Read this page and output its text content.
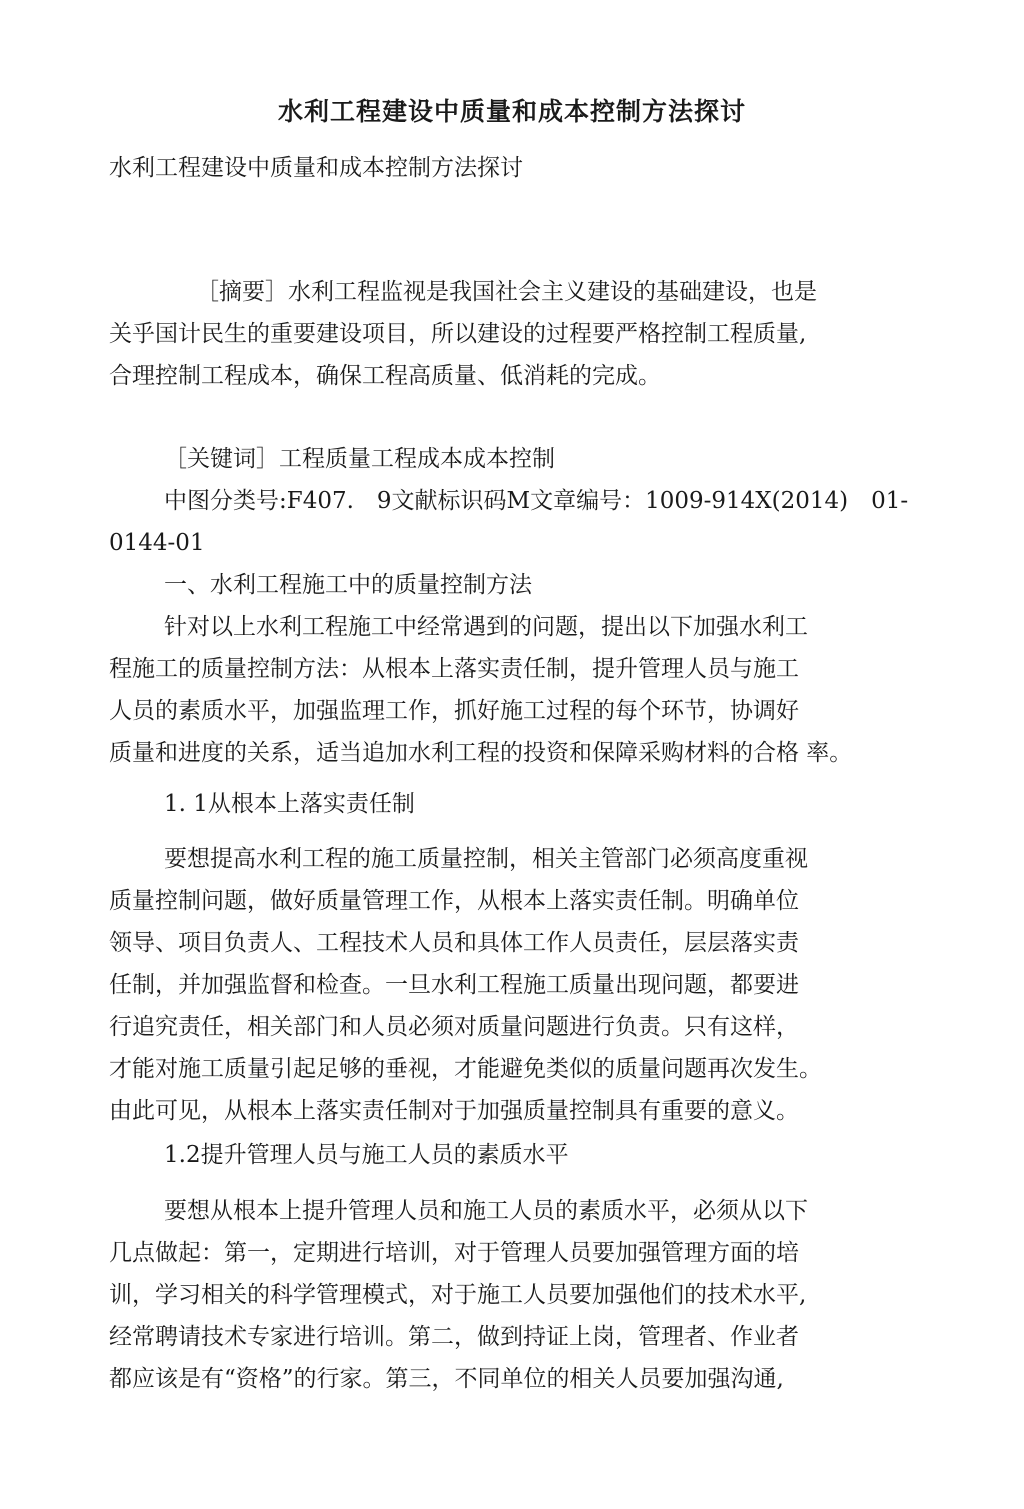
水利工程建设中质量和成本控制方法探讨
水利工程建设中质量和成本控制方法探讨
［摘要］水利工程监视是我国社会主义建设的基础建设，也是
关乎国计民生的重要建设项目，所以建设的过程要严格控制工程质量,
合理控制工程成本，确保工程高质量、低消耗的完成。
［关键词］工程质量工程成本成本控制
中图分类号:F407.　9文献标识码M文章编号：1009-914X(2014)　01-
0144-01
一、水利工程施工中的质量控制方法
针对以上水利工程施工中经常遇到的问题，提出以下加强水利工
程施工的质量控制方法：从根本上落实责任制，提升管理人员与施工
人员的素质水平，加强监理工作，抓好施工过程的每个环节，协调好
质量和进度的关系，适当追加水利工程的投资和保障采购材料的合格 率。
1. 1从根本上落实责任制
要想提高水利工程的施工质量控制，相关主管部门必须高度重视
质量控制问题，做好质量管理工作，从根本上落实责任制。明确单位
领导、项目负责人、工程技术人员和具体工作人员责任，层层落实责
任制，并加强监督和检查。一旦水利工程施工质量出现问题，都要进
行追究责任，相关部门和人员必须对质量问题进行负责。只有这样，
才能对施工质量引起足够的垂视，才能避免类似的质量问题再次发生。
由此可见，从根本上落实责任制对于加强质量控制具有重要的意义。
1.2提升管理人员与施工人员的素质水平
要想从根本上提升管理人员和施工人员的素质水平，必须从以下
几点做起：第一，定期进行培训，对于管理人员要加强管理方面的培
训，学习相关的科学管理模式，对于施工人员要加强他们的技术水平,
经常聘请技术专家进行培训。第二，做到持证上岗，管理者、作业者
都应该是有“资格”的行家。第三，不同单位的相关人员要加强沟通,
